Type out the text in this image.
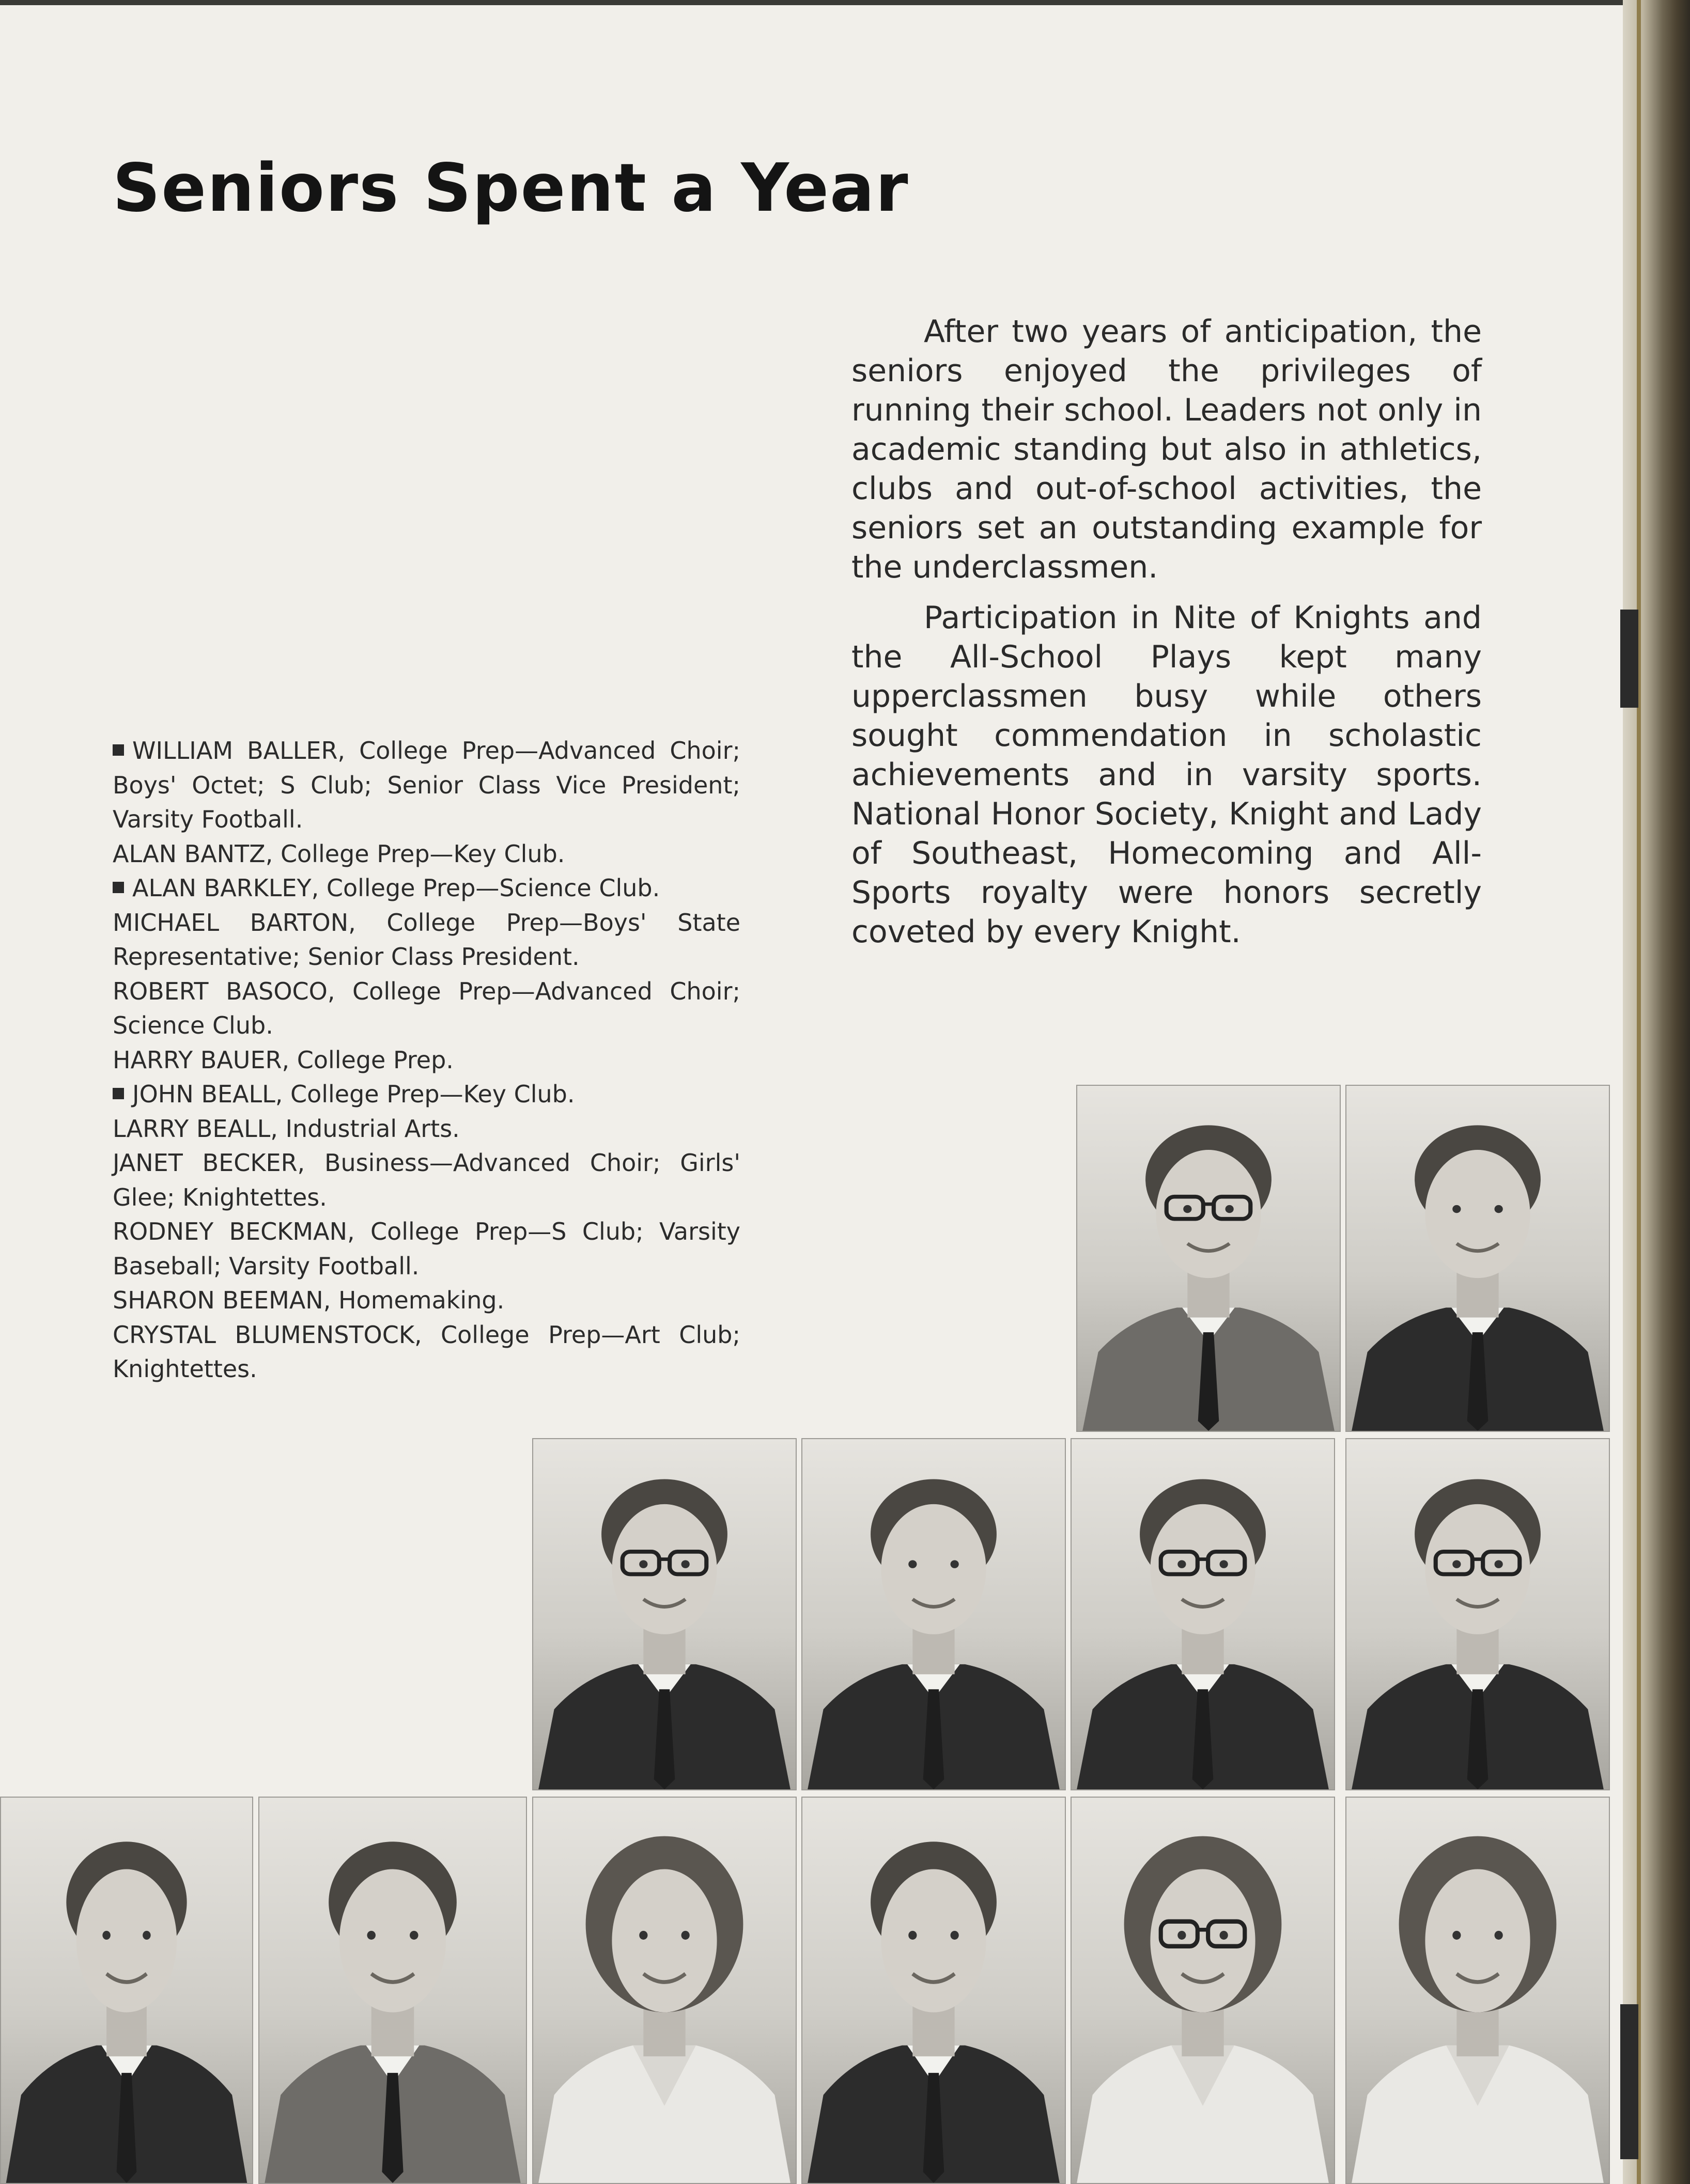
Seniors Spent a Year

After two years of anticipation, the seniors enjoyed the privileges of running their school. Leaders not only in academic standing but also in athletics, clubs and out-of-school activities, the seniors set an outstanding example for the underclassmen.

Participation in Nite of Knights and the All-School Plays kept many upperclassmen busy while others sought commendation in scholastic achievements and in varsity sports. National Honor Society, Knight and Lady of Southeast, Homecoming and All-Sports royalty were honors secretly coveted by every Knight.

WILLIAM BALLER, College Prep—Advanced Choir; Boys' Octet; S Club; Senior Class Vice President; Varsity Football.

ALAN BANTZ, College Prep—Key Club.

ALAN BARKLEY, College Prep—Science Club.

MICHAEL BARTON, College Prep—Boys' State Representative; Senior Class President.

ROBERT BASOCO, College Prep—Advanced Choir; Science Club.

HARRY BAUER, College Prep.

JOHN BEALL, College Prep—Key Club.

LARRY BEALL, Industrial Arts.

JANET BECKER, Business—Advanced Choir; Girls' Glee; Knightettes.

RODNEY BECKMAN, College Prep—S Club; Varsity Baseball; Varsity Football.

SHARON BEEMAN, Homemaking.

CRYSTAL BLUMENSTOCK, College Prep—Art Club; Knightettes.
